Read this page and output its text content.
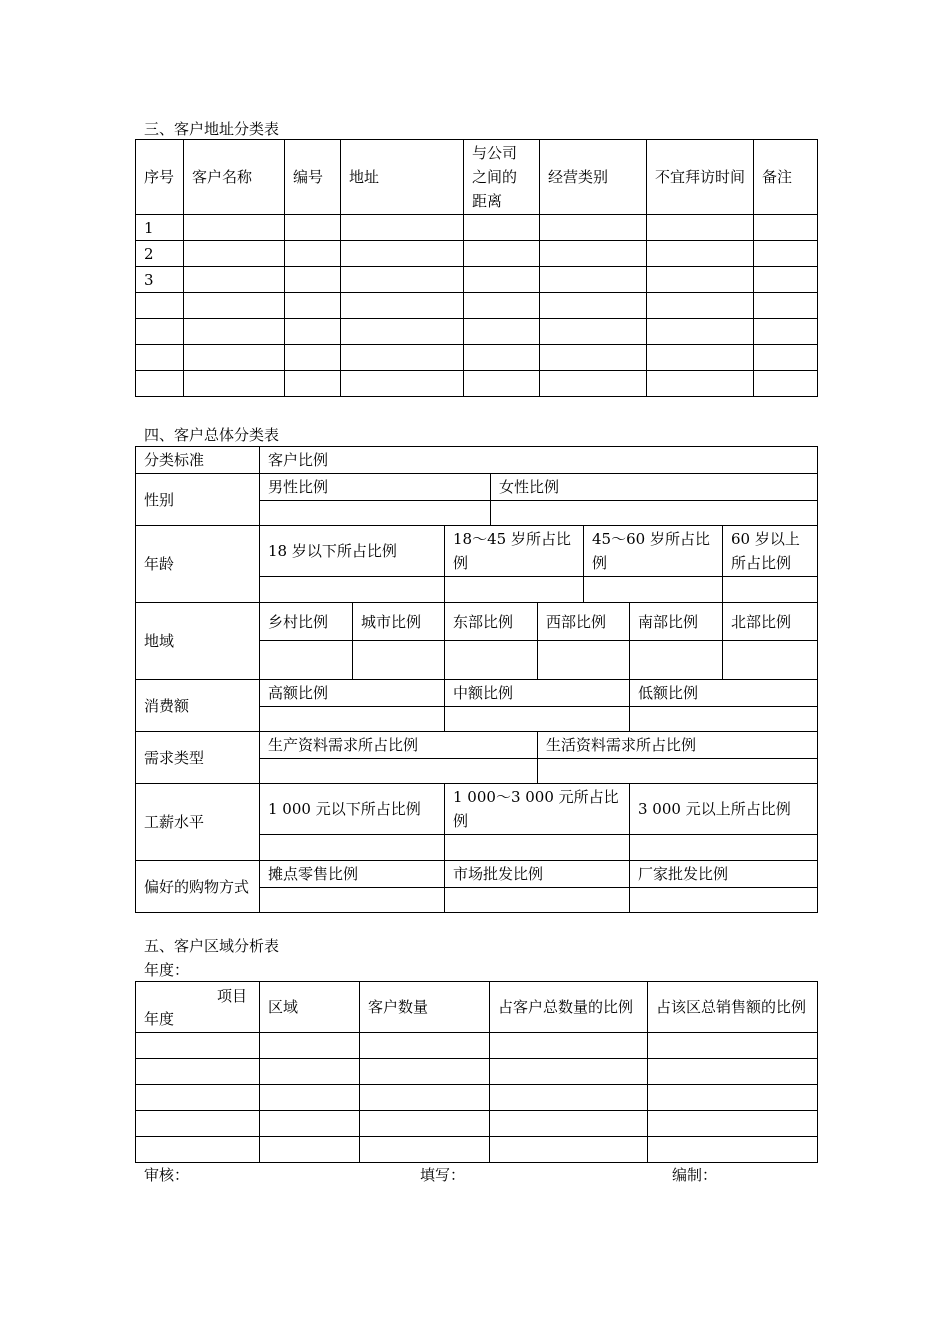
三、客户地址分类表
序号	客户名称	编号	地址	与公司之间的距离	经营类别	不宜拜访时间	备注
1							
2							
3							

四、客户总体分类表
分类标准	客户比例							
性别	男性比例			女性比例				

年龄	18 岁以下所占比例		18～45 岁所占比例			45～60 岁所占比例		60 岁以上所占比例

地域	乡村比例	城市比例	东部比例		西部比例		南部比例	北部比例

消费额	高额比例		中额比例				低额比例	

需求类型	生产资料需求所占比例				生活资料需求所占比例			

工薪水平	1 000 元以下所占比例		1 000～3 000 元所占比例				3 000 元以上所占比例	

偏好的购物方式	摊点零售比例		市场批发比例				厂家批发比例	

五、客户区域分析表
年度：
项目
年度	区域	客户数量	占客户总数量的比例	占该区总销售额的比例

审核：	填写：	编制：
